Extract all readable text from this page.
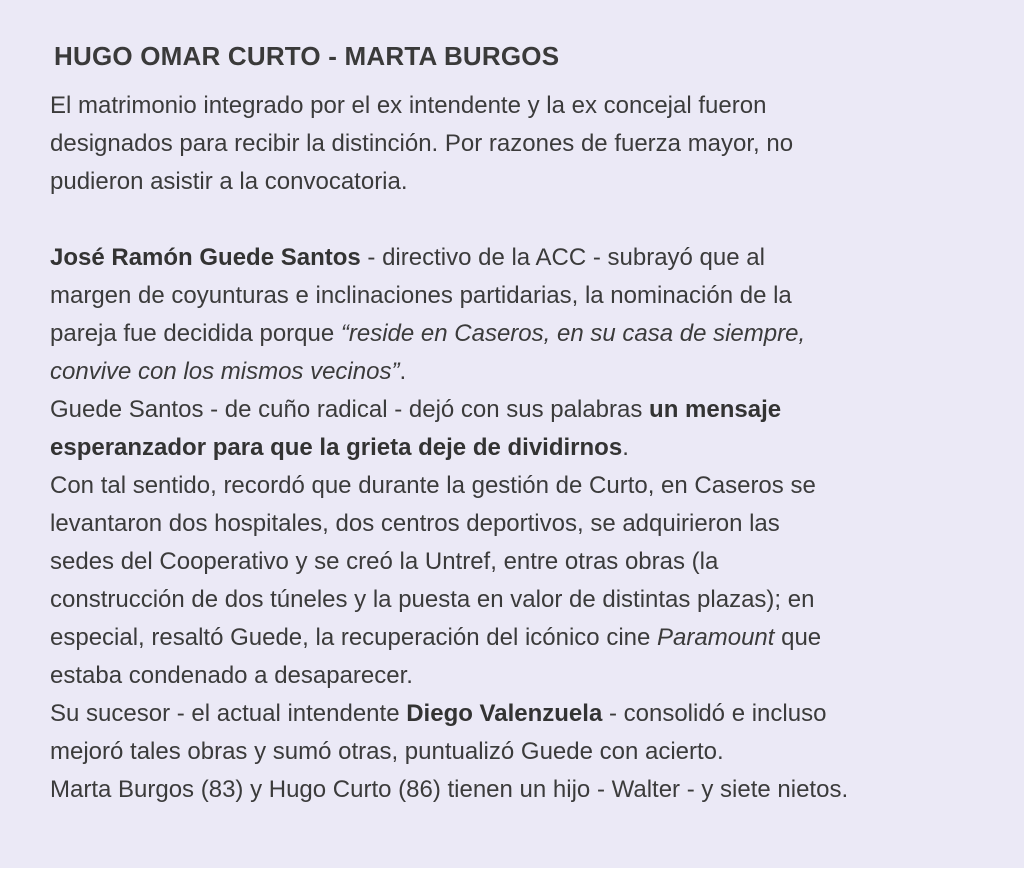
HUGO OMAR CURTO - MARTA BURGOS

El matrimonio integrado por el ex intendente y la ex concejal fueron

designados para recibir la distinción. Por razones de fuerza mayor, no

pudieron asistir a la convocatoria.

José Ramón Guede Santos - directivo de la ACC - subrayó que al

margen de coyunturas e inclinaciones partidarias, la nominación de la

pareja fue decidida porque “reside en Caseros, en su casa de siempre,

convive con los mismos vecinos”.

Guede Santos - de cuño radical - dejó con sus palabras un mensaje

esperanzador para que la grieta deje de dividirnos.

Con tal sentido, recordó que durante la gestión de Curto, en Caseros se

levantaron dos hospitales, dos centros deportivos, se adquirieron las

sedes del Cooperativo y se creó la Untref, entre otras obras (la

construcción de dos túneles y la puesta en valor de distintas plazas); en

especial, resaltó Guede, la recuperación del icónico cine Paramount que

estaba condenado a desaparecer.

Su sucesor - el actual intendente Diego Valenzuela - consolidó e incluso

mejoró tales obras y sumó otras, puntualizó Guede con acierto.

Marta Burgos (83) y Hugo Curto (86) tienen un hijo - Walter - y siete nietos.
